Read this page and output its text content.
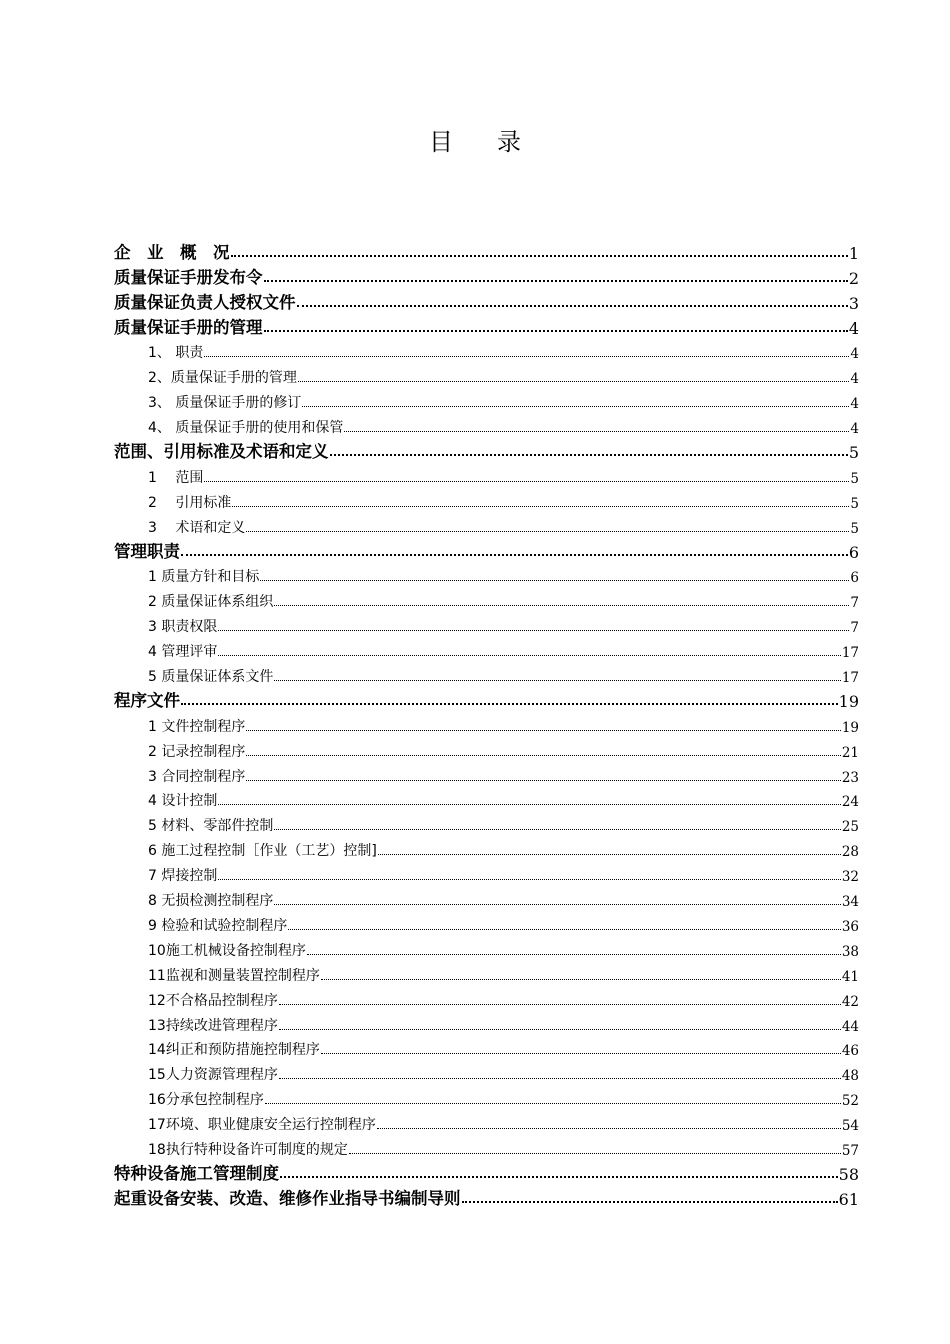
目 录
企　业　概　况	1
质量保证手册发布令	2
质量保证负责人授权文件	3
质量保证手册的管理	4
1、 职责	4
2、质量保证手册的管理	4
3、 质量保证手册的修订	4
4、 质量保证手册的使用和保管	4
范围、引用标准及术语和定义	5
1　 范围	5
2　 引用标准	5
3　 术语和定义	5
管理职责	6
1 质量方针和目标	6
2 质量保证体系组织	7
3 职责权限	7
4 管理评审	17
5 质量保证体系文件	17
程序文件	19
1 文件控制程序	19
2 记录控制程序	21
3 合同控制程序	23
4 设计控制	24
5 材料、零部件控制	25
6 施工过程控制［作业（工艺）控制]	28
7 焊接控制	32
8 无损检测控制程序	34
9 检验和试验控制程序	36
10施工机械设备控制程序	38
11监视和测量装置控制程序	41
12不合格品控制程序	42
13持续改进管理程序	44
14纠正和预防措施控制程序	46
15人力资源管理程序	48
16分承包控制程序	52
17环境、职业健康安全运行控制程序	54
18执行特种设备许可制度的规定	57
特种设备施工管理制度	58
起重设备安装、改造、维修作业指导书编制导则	61
